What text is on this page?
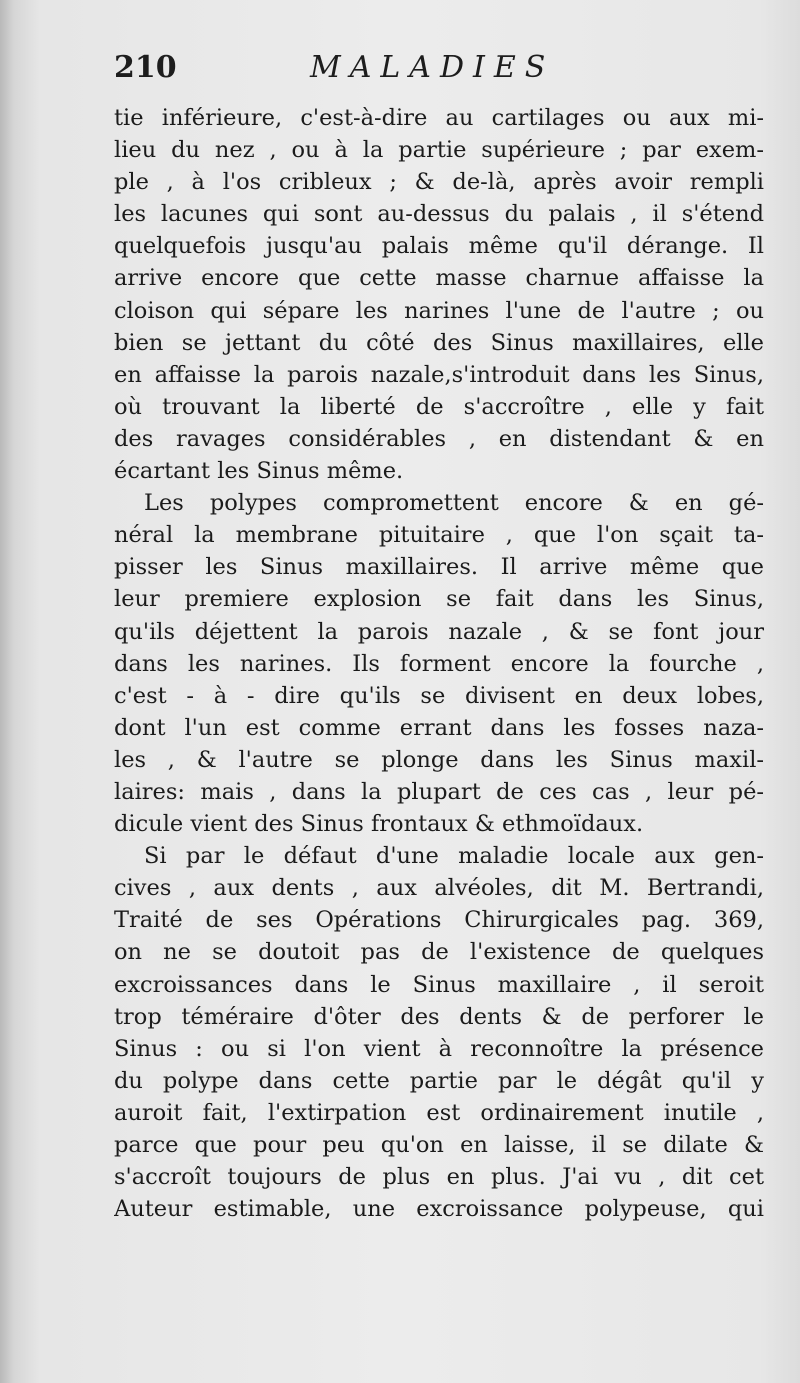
210	MALADIES
tie inférieure, c'est-à-dire au cartilages ou aux mi-
lieu du nez , ou à la partie supérieure ; par exem-
ple , à l'os cribleux ; & de-là, après avoir rempli
les lacunes qui sont au-dessus du palais , il s'étend
quelquefois jusqu'au palais même qu'il dérange. Il
arrive encore que cette masse charnue affaisse la
cloison qui sépare les narines l'une de l'autre ; ou
bien se jettant du côté des Sinus maxillaires, elle
en affaisse la parois nazale,s'introduit dans les Sinus,
où trouvant la liberté de s'accroître , elle y fait
des ravages considérables , en distendant & en
écartant les Sinus même.
Les polypes compromettent encore & en gé-
néral la membrane pituitaire , que l'on sçait ta-
pisser les Sinus maxillaires. Il arrive même que
leur premiere explosion se fait dans les Sinus,
qu'ils déjettent la parois nazale , & se font jour
dans les narines. Ils forment encore la fourche ,
c'est - à - dire qu'ils se divisent en deux lobes,
dont l'un est comme errant dans les fosses naza-
les , & l'autre se plonge dans les Sinus maxil-
laires: mais , dans la plupart de ces cas , leur pé-
dicule vient des Sinus frontaux & ethmoïdaux.
Si par le défaut d'une maladie locale aux gen-
cives , aux dents , aux alvéoles, dit M. Bertrandi,
Traité de ses Opérations Chirurgicales pag. 369,
on ne se doutoit pas de l'existence de quelques
excroissances dans le Sinus maxillaire , il seroit
trop téméraire d'ôter des dents & de perforer le
Sinus : ou si l'on vient à reconnoître la présence
du polype dans cette partie par le dégât qu'il y
auroit fait, l'extirpation est ordinairement inutile ,
parce que pour peu qu'on en laisse, il se dilate &
s'accroît toujours de plus en plus. J'ai vu , dit cet
Auteur estimable, une excroissance polypeuse, qui
